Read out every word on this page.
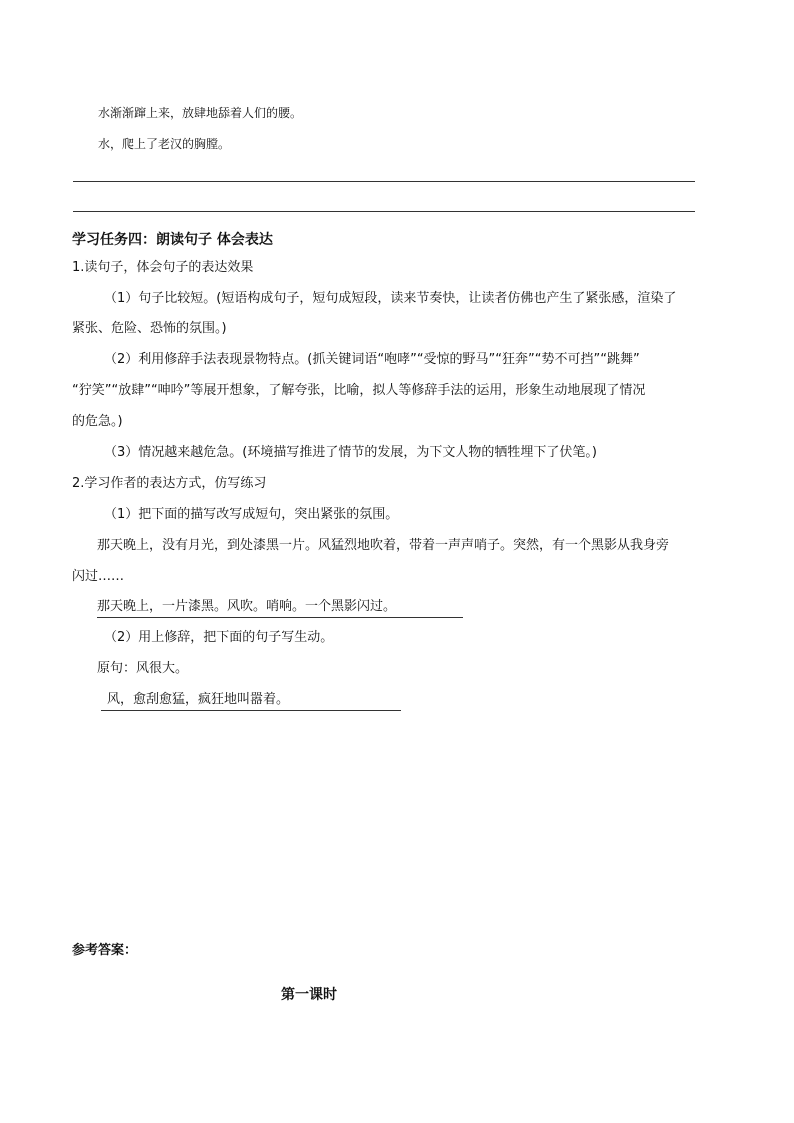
水渐渐蹿上来，放肆地舔着人们的腰。
水，爬上了老汉的胸膛。
学习任务四：朗读句子 体会表达
1.读句子，体会句子的表达效果
（1）句子比较短。(短语构成句子，短句成短段，读来节奏快，让读者仿佛也产生了紧张感，渲染了
紧张、危险、恐怖的氛围。)
（2）利用修辞手法表现景物特点。(抓关键词语“咆哮”“受惊的野马”“狂奔”“势不可挡”“跳舞”
“狞笑”“放肆”“呻吟”等展开想象，了解夸张，比喻，拟人等修辞手法的运用，形象生动地展现了情况
的危急。)
（3）情况越来越危急。(环境描写推进了情节的发展，为下文人物的牺牲埋下了伏笔。)
2.学习作者的表达方式，仿写练习
（1）把下面的描写改写成短句，突出紧张的氛围。
那天晚上，没有月光，到处漆黑一片。风猛烈地吹着，带着一声声哨子。突然，有一个黑影从我身旁
闪过……
那天晚上，一片漆黑。风吹。哨响。一个黑影闪过。
（2）用上修辞，把下面的句子写生动。
原句：风很大。
风，愈刮愈猛，疯狂地叫嚣着。
参考答案：
第一课时
